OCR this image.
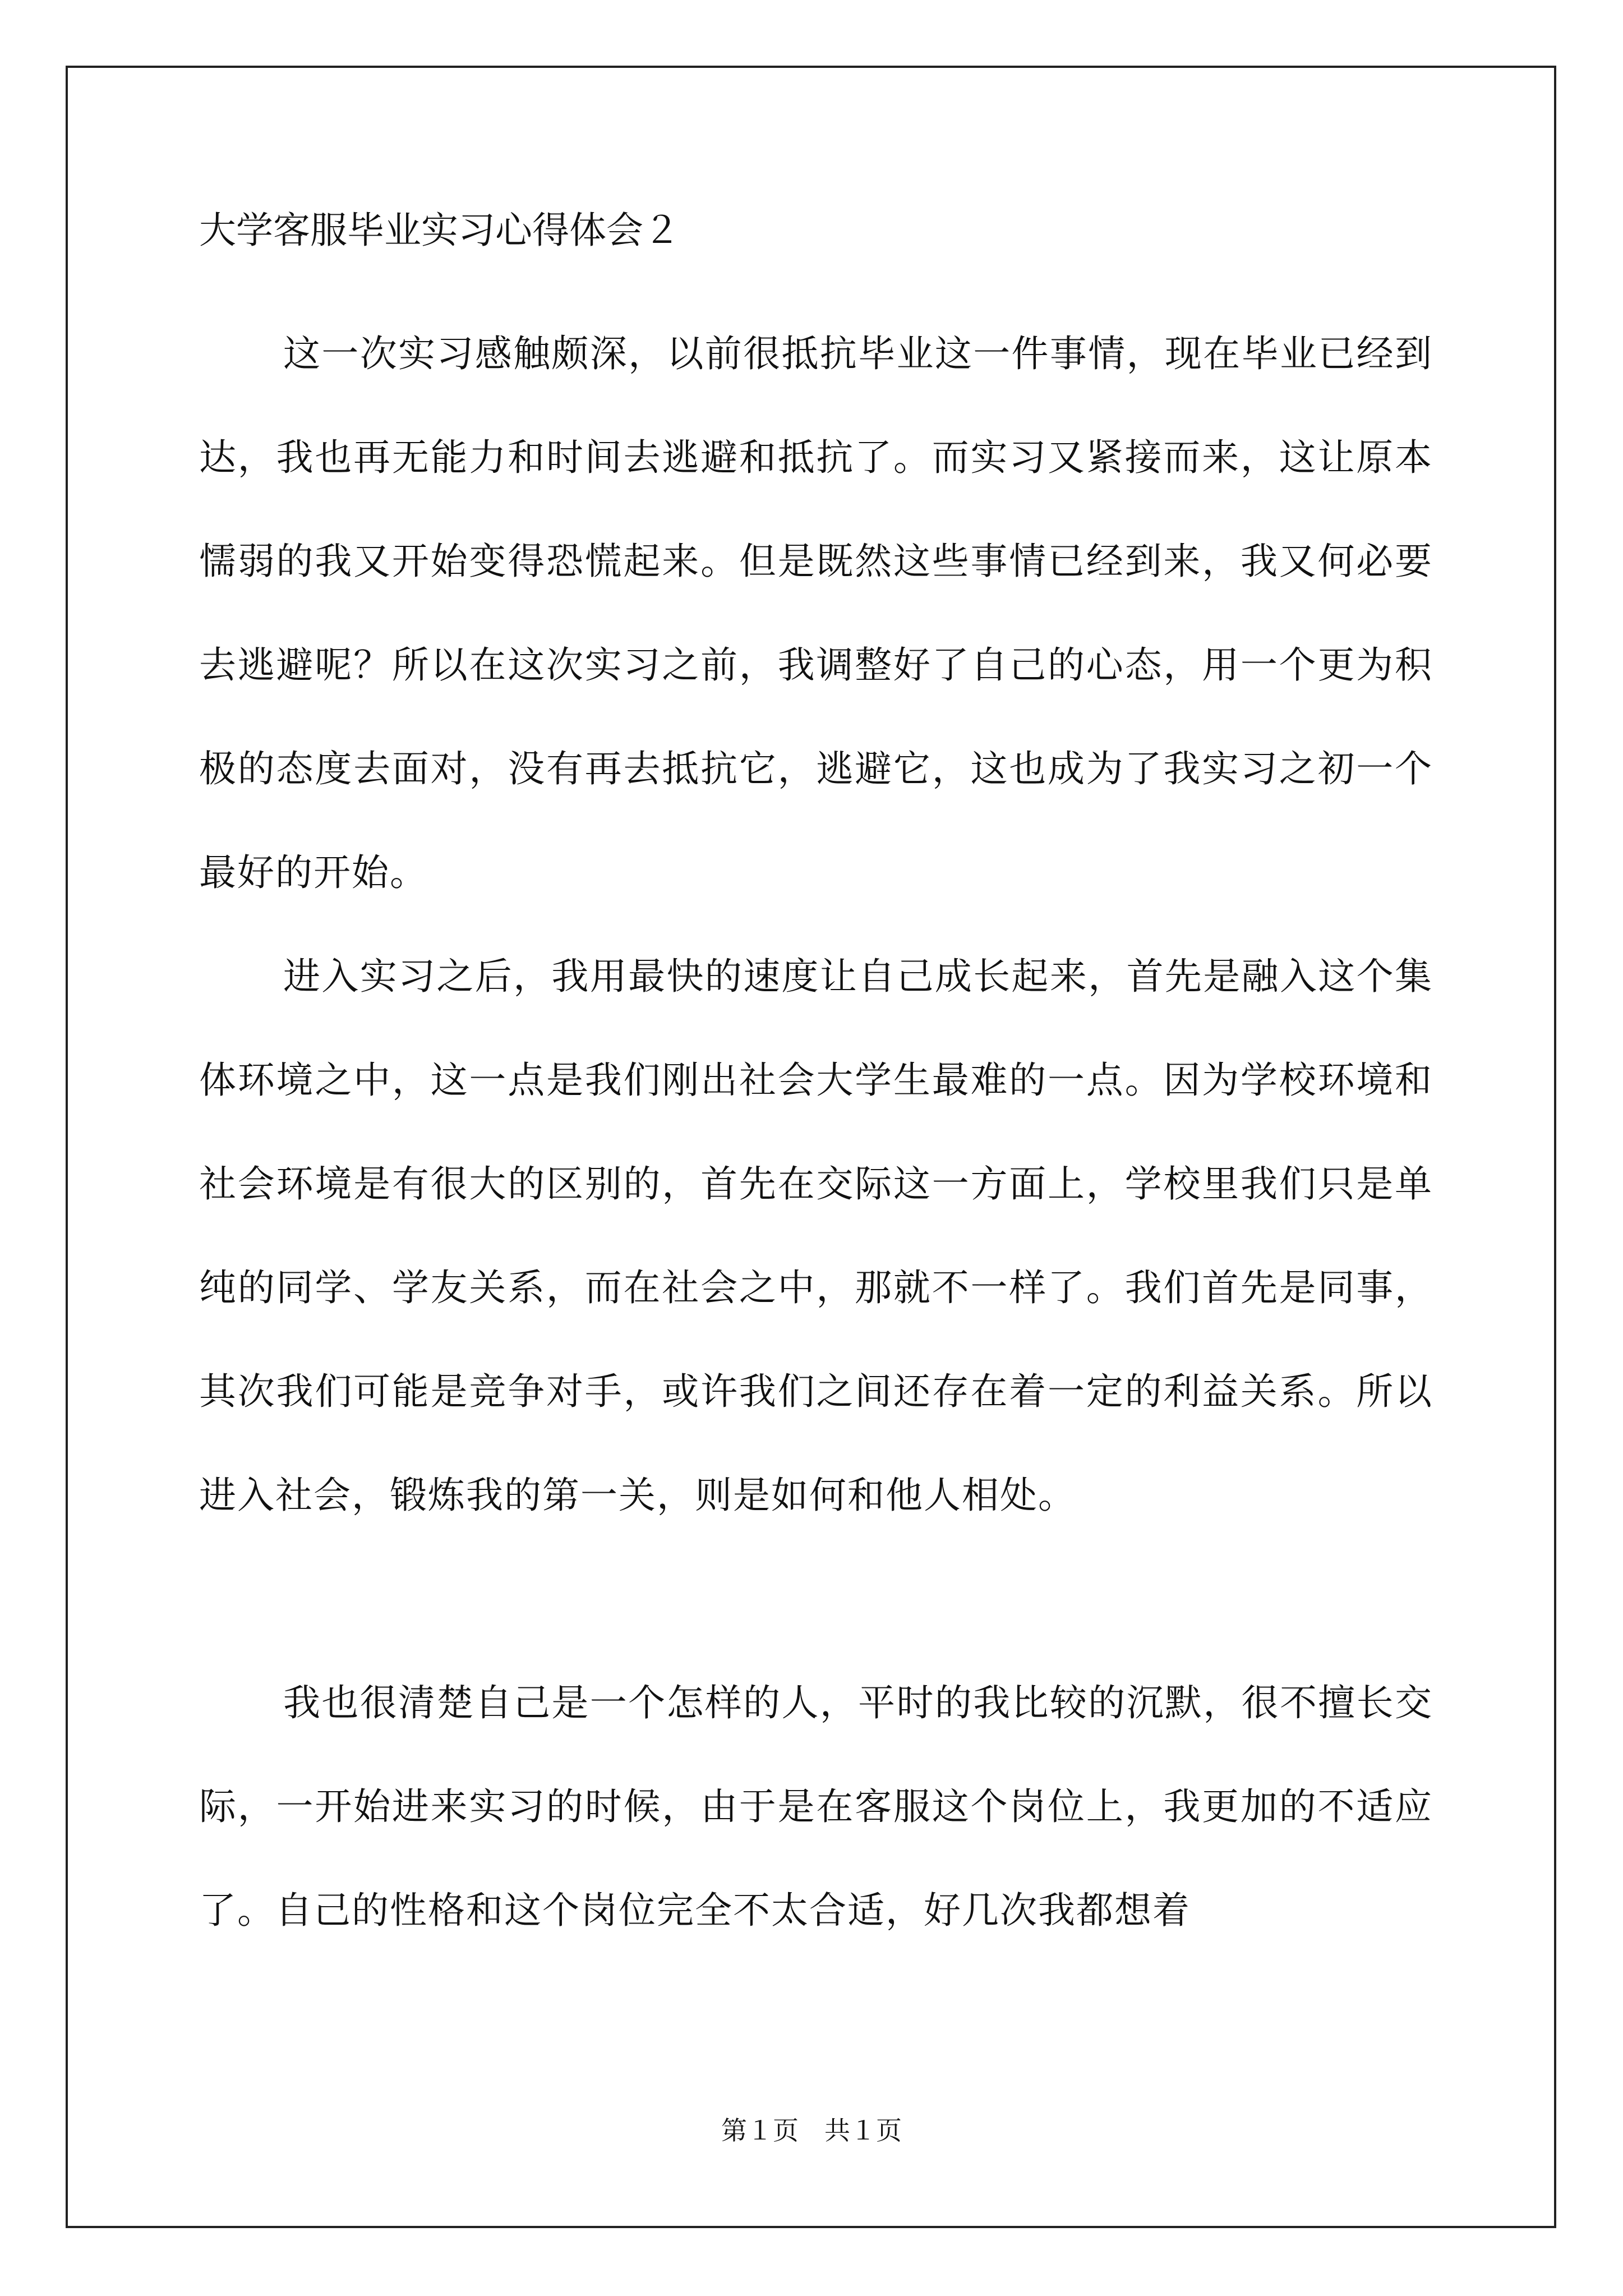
大学客服毕业实习心得体会２

这一次实习感触颇深，以前很抵抗毕业这一件事情，现在毕业已经到达，我也再无能力和时间去逃避和抵抗了。而实习又紧接而来，这让原本懦弱的我又开始变得恐慌起来。但是既然这些事情已经到来，我又何必要去逃避呢？所以在这次实习之前，我调整好了自己的心态，用一个更为积极的态度去面对，没有再去抵抗它，逃避它，这也成为了我实习之初一个最好的开始。

进入实习之后，我用最快的速度让自己成长起来，首先是融入这个集体环境之中，这一点是我们刚出社会大学生最难的一点。因为学校环境和社会环境是有很大的区别的，首先在交际这一方面上，学校里我们只是单纯的同学、学友关系，而在社会之中，那就不一样了。我们首先是同事，其次我们可能是竞争对手，或许我们之间还存在着一定的利益关系。所以进入社会，锻炼我的第一关，则是如何和他人相处。

我也很清楚自己是一个怎样的人，平时的我比较的沉默，很不擅长交际，一开始进来实习的时候，由于是在客服这个岗位上，我更加的不适应了。自己的性格和这个岗位完全不太合适，好几次我都想着

第１页　共１页
